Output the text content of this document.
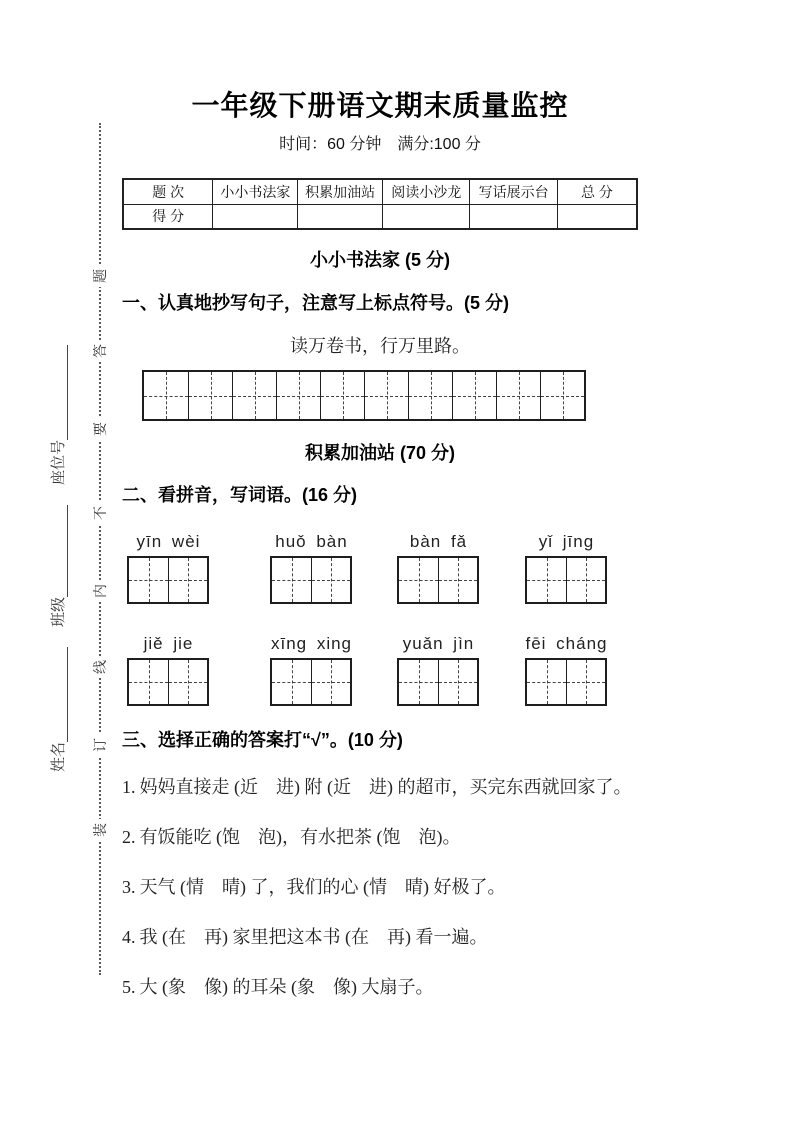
题
答
要
不
内
线
订
装
姓名
班级
座位号
一年级下册语文期末质量监控
时间：60 分钟　满分:100 分
题 次	小小书法家	积累加油站	阅读小沙龙	写话展示台	总 分
得 分					
小小书法家 (5 分)
一、认真地抄写句子，注意写上标点符号。(5 分)
读万卷书，行万里路。
积累加油站 (70 分)
二、看拼音，写词语。(16 分)
yīn wèi	huǒ bàn	bàn fǎ	yǐ jīng
jiě jie	xīng xing	yuǎn jìn	fēi cháng
三、选择正确的答案打“√”。(10 分)
1. 妈妈直接走 (近　进) 附 (近　进) 的超市，买完东西就回家了。
2. 有饭能吃 (饱　泡)，有水把茶 (饱　泡)。
3. 天气 (情　晴) 了，我们的心 (情　晴) 好极了。
4. 我 (在　再) 家里把这本书 (在　再) 看一遍。
5. 大 (象　像) 的耳朵 (象　像) 大扇子。
